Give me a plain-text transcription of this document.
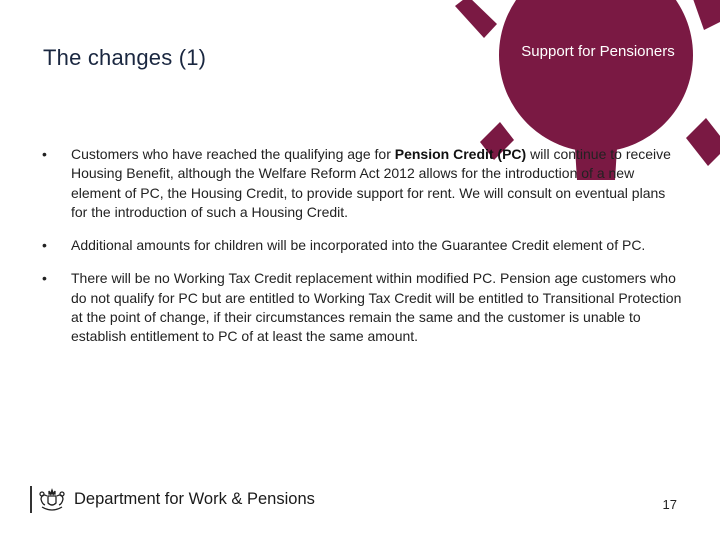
The changes (1)	Support for Pensioners
• Customers who have reached the qualifying age for Pension Credit (PC) will continue to receive Housing Benefit, although the Welfare Reform Act 2012 allows for the introduction of a new element of PC, the Housing Credit, to provide support for rent. We will consult on eventual plans for the introduction of such a Housing Credit.
• Additional amounts for children will be incorporated into the Guarantee Credit element of PC.
• There will be no Working Tax Credit replacement within modified PC. Pension age customers who do not qualify for PC but are entitled to Working Tax Credit will be entitled to Transitional Protection at the point of change, if their circumstances remain the same and the customer is unable to establish entitlement to PC of at least the same amount.
Department for Work & Pensions	17
